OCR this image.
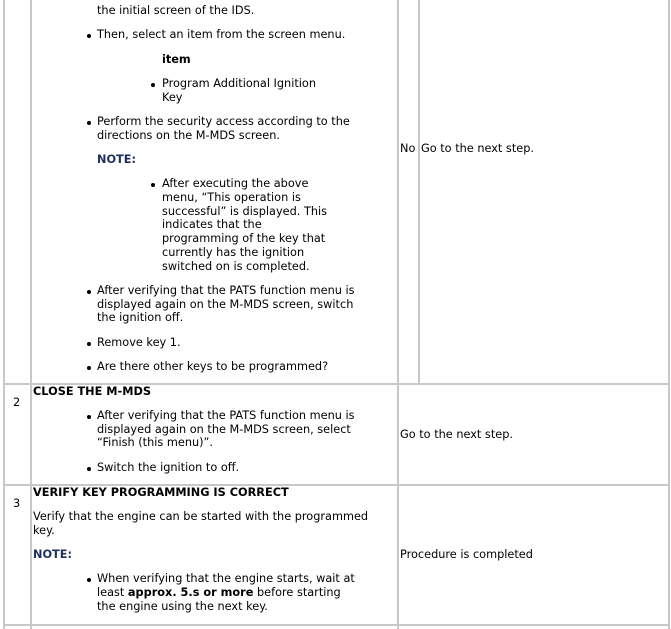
the initial screen of the IDS.
Then, select an item from the screen menu.
item
Program Additional Ignition
Key
Perform the security access according to the
directions on the M-MDS screen.
NOTE:
After executing the above
menu, “This operation is
successful” is displayed. This
indicates that the
programming of the key that
currently has the ignition
switched on is completed.
After verifying that the PATS function menu is
displayed again on the M-MDS screen, switch
the ignition off.
Remove key 1.
Are there other keys to be programmed?
No Go to the next step.
2
CLOSE THE M-MDS
After verifying that the PATS function menu is
displayed again on the M-MDS screen, select
“Finish (this menu)”.
Switch the ignition to off.
Go to the next step.
3
VERIFY KEY PROGRAMMING IS CORRECT
Verify that the engine can be started with the programmed
key.
NOTE:
When verifying that the engine starts, wait at
least approx. 5.s or more before starting
the engine using the next key.
Procedure is completed
